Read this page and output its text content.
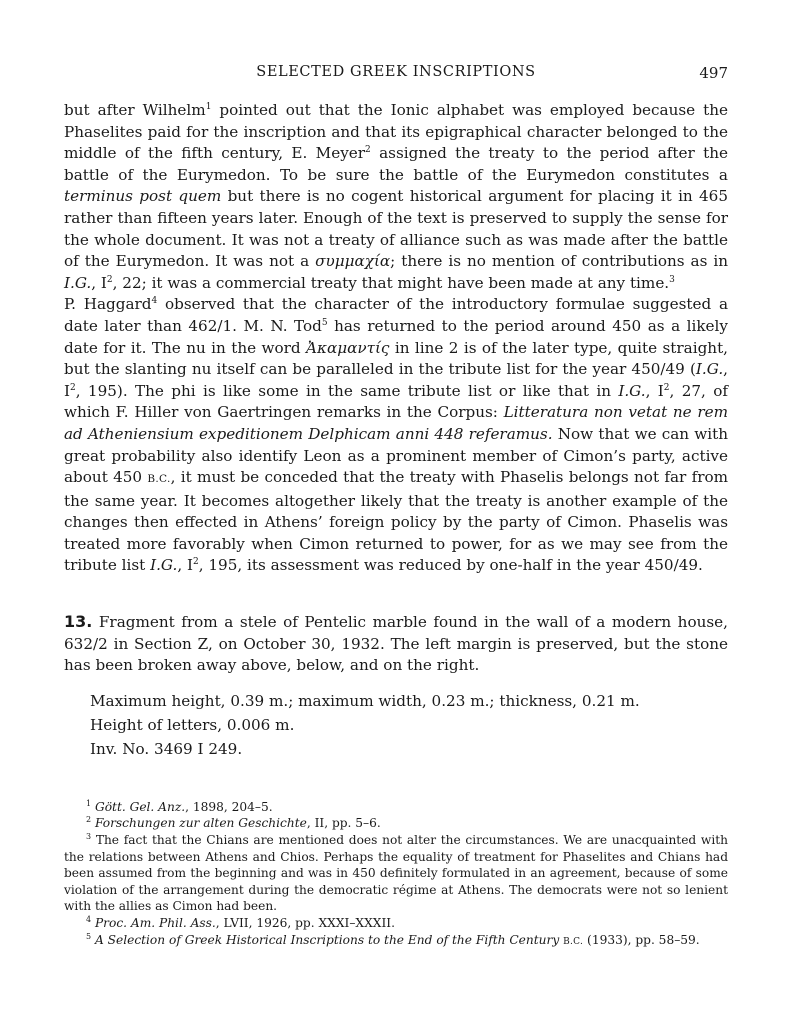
SELECTED GREEK INSCRIPTIONS	497

but after Wilhelm$^1$ pointed out that the Ionic alphabet was employed because the Phaselites paid for the inscription and that its epigraphical character belonged to the middle of the fifth century, E. Meyer$^2$ assigned the treaty to the period after the battle of the Eurymedon. To be sure the battle of the Eurymedon constitutes a terminus post quem but there is no cogent historical argument for placing it in 465 rather than fifteen years later. Enough of the text is preserved to supply the sense for the whole document. It was not a treaty of alliance such as was made after the battle of the Eurymedon. It was not a συμμαχία; there is no mention of contributions as in I.G., $I^2$, 22; it was a commercial treaty that might have been made at any time.$^3$

P. Haggard$^4$ observed that the character of the introductory formulae suggested a date later than 462/1. M. N. Tod$^5$ has returned to the period around 450 as a likely date for it. The nu in the word Ἀκαμαντίς in line 2 is of the later type, quite straight, but the slanting nu itself can be paralleled in the tribute list for the year 450/49 (I.G., $I^2$, 195). The phi is like some in the same tribute list or like that in I.G., $I^2$, 27, of which F. Hiller von Gaertringen remarks in the Corpus: Litteratura non vetat ne rem ad Atheniensium expeditionem Delphicam anni 448 referamus. Now that we can with great probability also identify Leon as a prominent member of Cimon’s party, active about 450 B.C., it must be conceded that the treaty with Phaselis belongs not far from the same year. It becomes altogether likely that the treaty is another example of the changes then effected in Athens’ foreign policy by the party of Cimon. Phaselis was treated more favorably when Cimon returned to power, for as we may see from the tribute list I.G., $I^2$, 195, its assessment was reduced by one-half in the year 450/49.

13. Fragment from a stele of Pentelic marble found in the wall of a modern house, 632/2 in Section Z, on October 30, 1932. The left margin is preserved, but the stone has been broken away above, below, and on the right.
Maximum height, 0.39 m.; maximum width, 0.23 m.; thickness, 0.21 m.
Height of letters, 0.006 m.
Inv. No. 3469 I 249.
$^1$ Gött. Gel. Anz., 1898, 204–5.
$^2$ Forschungen zur alten Geschichte, II, pp. 5–6.
$^3$ The fact that the Chians are mentioned does not alter the circumstances. We are unacquainted with the relations between Athens and Chios. Perhaps the equality of treatment for Phaselites and Chians had been assumed from the beginning and was in 450 definitely formulated in an agreement, because of some violation of the arrangement during the democratic régime at Athens. The democrats were not so lenient with the allies as Cimon had been.
$^4$ Proc. Am. Phil. Ass., LVII, 1926, pp. XXXI–XXXII.
$^5$ A Selection of Greek Historical Inscriptions to the End of the Fifth Century B.C. (1933), pp. 58–59.
